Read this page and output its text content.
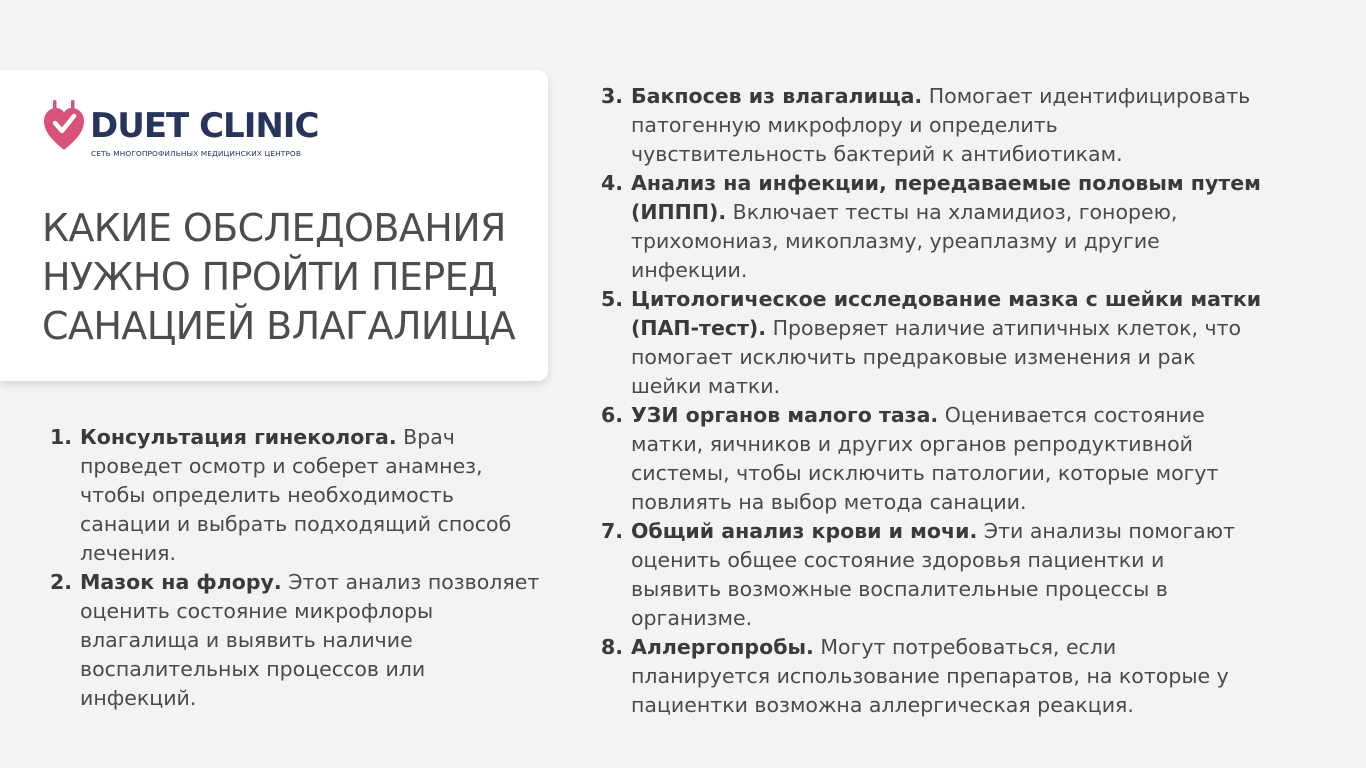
DUET CLINIC
СЕТЬ МНОГОПРОФИЛЬНЫХ МЕДИЦИНСКИХ ЦЕНТРОВ
КАКИЕ ОБСЛЕДОВАНИЯ
НУЖНО ПРОЙТИ ПЕРЕД
САНАЦИЕЙ ВЛАГАЛИЩА
1. Консультация гинеколога. Врач
проведет осмотр и соберет анамнез,
чтобы определить необходимость
санации и выбрать подходящий способ
лечения.
2. Мазок на флору. Этот анализ позволяет
оценить состояние микрофлоры
влагалища и выявить наличие
воспалительных процессов или
инфекций.
3. Бакпосев из влагалища. Помогает идентифицировать
патогенную микрофлору и определить
чувствительность бактерий к антибиотикам.
4. Анализ на инфекции, передаваемые половым путем
(ИППП). Включает тесты на хламидиоз, гонорею,
трихомониаз, микоплазму, уреаплазму и другие
инфекции.
5. Цитологическое исследование мазка с шейки матки
(ПАП-тест). Проверяет наличие атипичных клеток, что
помогает исключить предраковые изменения и рак
шейки матки.
6. УЗИ органов малого таза. Оценивается состояние
матки, яичников и других органов репродуктивной
системы, чтобы исключить патологии, которые могут
повлиять на выбор метода санации.
7. Общий анализ крови и мочи. Эти анализы помогают
оценить общее состояние здоровья пациентки и
выявить возможные воспалительные процессы в
организме.
8. Аллергопробы. Могут потребоваться, если
планируется использование препаратов, на которые у
пациентки возможна аллергическая реакция.
